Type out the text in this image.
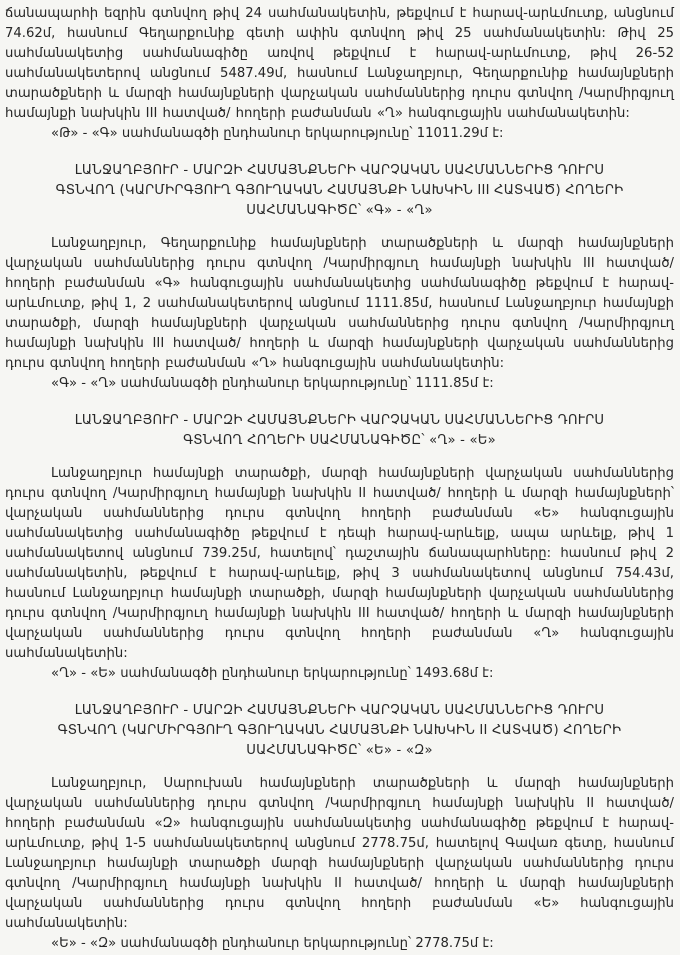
ճանապարհի եզրին գտնվող թիվ 24 սահմանակետին, թեքվում է հարավ-արևմուտք, անցնում 74.62մ, հասնում Գեղարքունիք գետի ափին գտնվող թիվ 25 սահմանակետին: Թիվ 25 սահմանակետից սահմանագիծը առվով թեքվում է հարավ-արևմուտք, թիվ 26-52 սահմանակետերով անցնում 5487.49մ, հասնում Լանջաղբյուր, Գեղարքունիք համայնքների տարածքների և մարզի համայնքների վարչական սահմաններից դուրս գտնվող /Կարմիրգյուղ համայնքի նախկին III հատված/ հողերի բաժանման «Ղ» հանգուցային սահմանակետին:

«Թ» - «Գ» սահմանագծի ընդհանուր երկարությունը՝ 11011.29մ է:

ԼԱՆՋԱՂԲՅՈՒՐ - ՄԱՐԶԻ ՀԱՄԱՅՆՔՆԵՐԻ ՎԱՐՉԱԿԱՆ ՍԱՀՄԱՆՆԵՐԻՑ ԴՈՒՐՍ ԳՏՆՎՈՂ (ԿԱՐՄԻՐԳՅՈՒՂ ԳՅՈՒՂԱԿԱՆ ՀԱՄԱՅՆՔԻ ՆԱԽԿԻՆ III ՀԱՏՎԱԾ) ՀՈՂԵՐԻ ՍԱՀՄԱՆԱԳԻԾԸ՝ «Գ» - «Ղ»

Լանջաղբյուր, Գեղարքունիք համայնքների տարածքների և մարզի համայնքների վարչական սահմաններից դուրս գտնվող /Կարմիրգյուղ համայնքի նախկին III հատված/ հողերի բաժանման «Գ» հանգուցային սահմանակետից սահմանագիծը թեքվում է հարավ-արևմուտք, թիվ 1, 2 սահմանակետերով անցնում 1111.85մ, հասնում Լանջաղբյուր համայնքի տարածքի, մարզի համայնքների վարչական սահմաններից դուրս գտնվող /Կարմիրգյուղ համայնքի նախկին III հատված/ հողերի և մարզի համայնքների վարչական սահմաններից դուրս գտնվող հողերի բաժանման «Ղ» հանգուցային սահմանակետին:

«Գ» - «Ղ» սահմանագծի ընդհանուր երկարությունը՝ 1111.85մ է:

ԼԱՆՋԱՂԲՅՈՒՐ - ՄԱՐԶԻ ՀԱՄԱՅՆՔՆԵՐԻ ՎԱՐՉԱԿԱՆ ՍԱՀՄԱՆՆԵՐԻՑ ԴՈՒՐՍ ԳՏՆՎՈՂ ՀՈՂԵՐԻ ՍԱՀՄԱՆԱԳԻԾԸ՝ «Ղ» - «Ե»

Լանջաղբյուր համայնքի տարածքի, մարզի համայնքների վարչական սահմաններից դուրս գտնվող /Կարմիրգյուղ համայնքի նախկին II հատված/ հողերի և մարզի համայնքների՝ վարչական սահմաններից դուրս գտնվող հողերի բաժանման «Ե» հանգուցային սահմանակետից սահմանագիծը թեքվում է դեպի հարավ-արևելք, ապա արևելք, թիվ 1 սահմանակետով անցնում 739.25մ, հատելով՝ դաշտային ճանապարհները: հասնում թիվ 2 սահմանակետին, թեքվում է հարավ-արևելք, թիվ 3 սահմանակետով անցնում 754.43մ, հասնում Լանջաղբյուր համայնքի տարածքի, մարզի համայնքների վարչական սահմաններից դուրս գտնվող /Կարմիրգյուղ համայնքի նախկին III հատված/ հողերի և մարզի համայնքների վարչական սահմաններից դուրս գտնվող հողերի բաժանման «Ղ» հանգուցային սահմանակետին:

«Ղ» - «Ե» սահմանագծի ընդհանուր երկարությունը՝ 1493.68մ է:

ԼԱՆՋԱՂԲՅՈՒՐ - ՄԱՐԶԻ ՀԱՄԱՅՆՔՆԵՐԻ ՎԱՐՉԱԿԱՆ ՍԱՀՄԱՆՆԵՐԻՑ ԴՈՒՐՍ ԳՏՆՎՈՂ (ԿԱՐՄԻՐԳՅՈՒՂ ԳՅՈՒՂԱԿԱՆ ՀԱՄԱՅՆՔԻ ՆԱԽԿԻՆ II ՀԱՏՎԱԾ) ՀՈՂԵՐԻ ՍԱՀՄԱՆԱԳԻԾԸ՝ «Ե» - «Զ»

Լանջաղբյուր, Սարուխան համայնքների տարածքների և մարզի համայնքների վարչական սահմաններից դուրս գտնվող /Կարմիրգյուղ համայնքի նախկին II հատված/ հողերի բաժանման «Զ» հանգուցային սահմանակետից սահմանագիծը թեքվում է հարավ-արևմուտք, թիվ 1-5 սահմանակետերով անցնում 2778.75մ, հատելով Գավառ գետը, հասնում Լանջաղբյուր համայնքի տարածքի մարզի համայնքների վարչական սահմաններից դուրս գտնվող /Կարմիրգյուղ համայնքի նախկին II հատված/ հողերի և մարզի համայնքների վարչական սահմաններից դուրս գտնվող հողերի բաժանման «Ե» հանգուցային սահմանակետին:

«Ե» - «Զ» սահմանագծի ընդհանուր երկարությունը՝ 2778.75մ է:
